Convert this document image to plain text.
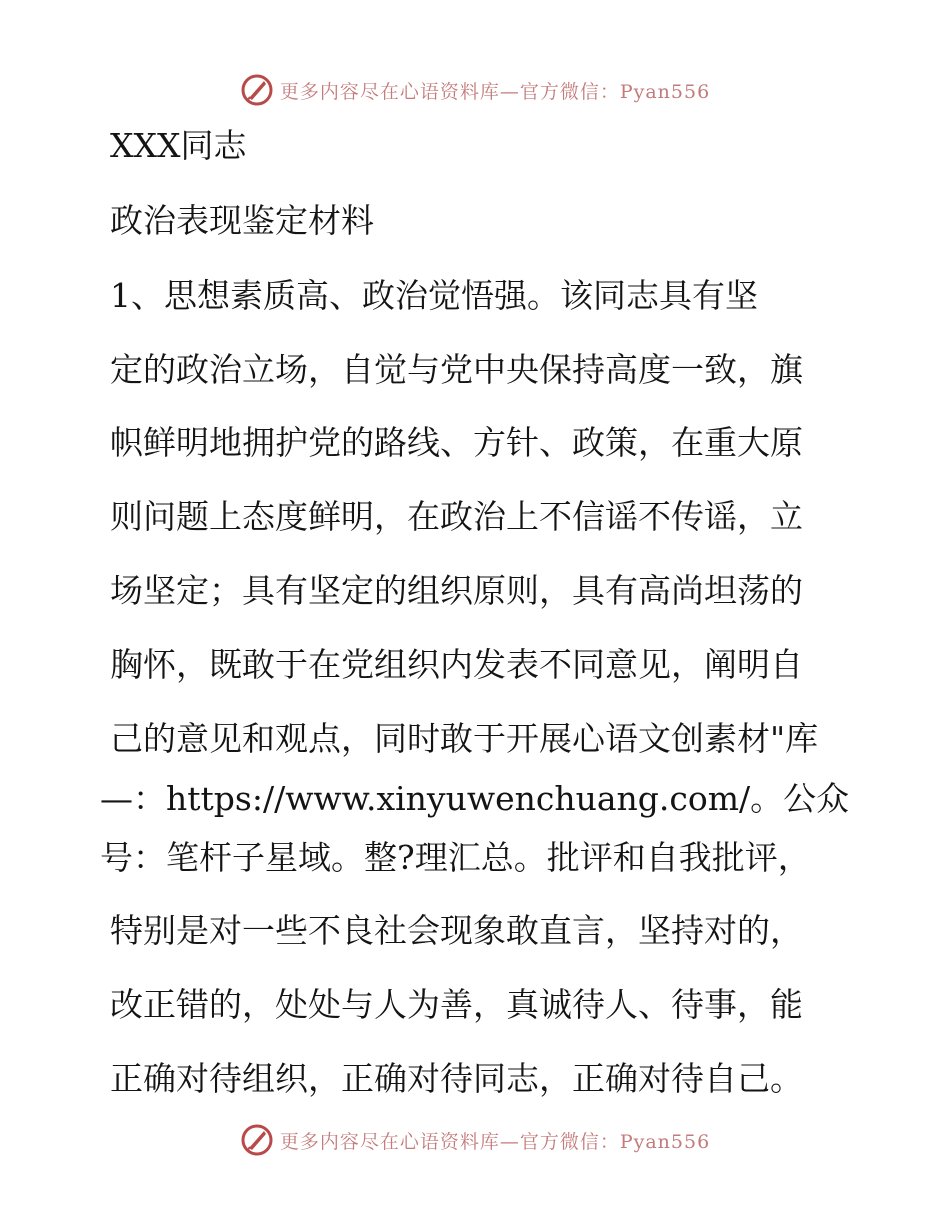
更多内容尽在心语资料库—官方微信：Pyan556
XXX同志
政治表现鉴定材料
1、思想素质高、政治觉悟强。该同志具有坚
定的政治立场，自觉与党中央保持高度一致，旗
帜鲜明地拥护党的路线、方针、政策，在重大原
则问题上态度鲜明，在政治上不信谣不传谣，立
场坚定；具有坚定的组织原则，具有高尚坦荡的
胸怀，既敢于在党组织内发表不同意见，阐明自
己的意见和观点，同时敢于开展心语文创素材"库
—：https://www.xinyuwenchuang.com/。公众
号：笔杆子星域。整?理汇总。批评和自我批评，
特别是对一些不良社会现象敢直言，坚持对的，
改正错的，处处与人为善，真诚待人、待事，能
正确对待组织，正确对待同志，正确对待自己。
更多内容尽在心语资料库—官方微信：Pyan556
